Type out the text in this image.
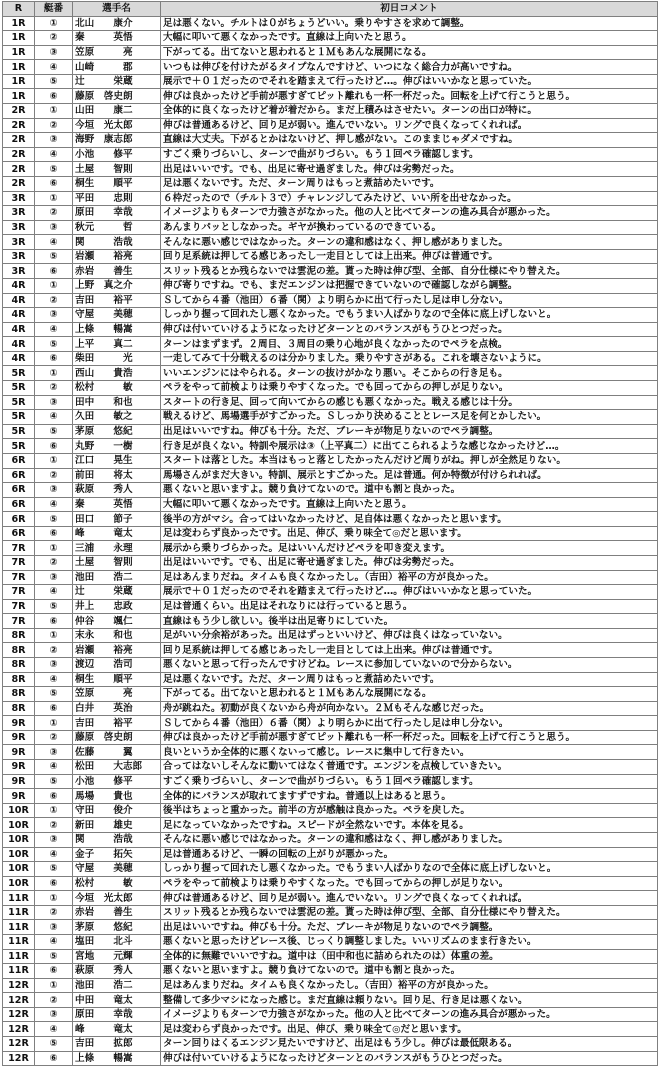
R	艇番	選手名	初日コメント
1R	①	北山　　康介	足は悪くない。チルトは０がちょうどいい。乗りやすさを求めて調整。
1R	②	秦　　　英悟	大幅に叩いて悪くなかったです。直線は上向いたと思う。
1R	③	笠原　　　亮	下がってる。出てないと思われると１Ｍもあんな展開になる。
1R	④	山崎　　　郡	いつもは伸びを付けたがるタイプなんですけど、いつになく総合力が高いですね。
1R	⑤	辻　　　栄蔵	展示で＋０１だったのでそれを踏まえて行ったけど…。伸びはいいかなと思っていた。
1R	⑥	藤原　啓史朗	伸びは良かったけど手前が悪すぎてピット離れも一杯一杯だった。回転を上げて行こうと思う。
2R	①	山田　　康二	全体的に良くなったけど着が着だから。まだ上積みはさせたい。ターンの出口が特に。
2R	②	今垣　光太郎	伸びは普通あるけど、回り足が弱い。進んでいない。リングで良くなってくれれば。
2R	③	海野　康志郎	直線は大丈夫。下がるとかはないけど、押し感がない。このままじゃダメですね。
2R	④	小池　　修平	すごく乗りづらいし、ターンで曲がりづらい。もう１回ペラ確認します。
2R	⑤	土屋　　智則	出足はいいです。でも、出足に寄せ過ぎました。伸びは劣勢だった。
2R	⑥	桐生　　順平	足は悪くないです。ただ、ターン周りはもっと煮詰めたいです。
3R	①	平田　　忠則	６枠だったので（チルト３で）チャレンジしてみたけど、いい所を出せなかった。
3R	②	原田　　幸哉	イメージよりもターンで力強さがなかった。他の人と比べてターンの進み具合が悪かった。
3R	③	秋元　　　哲	あんまりパッとしなかった。ギヤが換わっているのできている。
3R	④	関　　　浩哉	そんなに悪い感じではなかった。ターンの違和感はなく、押し感がありました。
3R	⑤	岩瀬　　裕亮	回り足系統は押してる感じあったし一走目としては上出来。伸びは普通です。
3R	⑥	赤岩　　善生	スリット残るとか残らないでは雲泥の差。貰った時は伸び型、全部、自分仕様にやり替えた。
4R	①	上野　真之介	伸び寄りですね。でも、まだエンジンは把握できていないので確認しながら調整。
4R	②	吉田　　裕平	Ｓしてから４番（池田）６番（関）より明らかに出て行ったし足は申し分ない。
4R	③	守屋　　美穂	しっかり握って回れたし悪くなかった。でもうまい人ばかりなので全体に底上げしないと。
4R	④	上條　　暢嵩	伸びは付いていけるようになったけどターンとのバランスがもうひとつだった。
4R	⑤	上平　　真二	ターンはまずまず。２周目、３周目の乗り心地が良くなかったのでペラを点検。
4R	⑥	柴田　　　光	一走してみて十分戦えるのは分かりました。乗りやすさがある。これを壊さないように。
5R	①	西山　　貴浩	いいエンジンにはやられる。ターンの抜けがかなり悪い。そこからの行き足も。
5R	②	松村　　　敏	ペラをやって前検よりは乗りやすくなった。でも回ってからの押しが足りない。
5R	③	田中　　和也	スタートの行き足、回って向いてからの感じも悪くなかった。戦える感じは十分。
5R	④	久田　　敏之	戦えるけど、馬場選手がすごかった。Ｓしっかり決めることとレース足を何とかしたい。
5R	⑤	茅原　　悠紀	出足はいいですね。伸びも十分。ただ、ブレーキが物足りないのでペラ調整。
5R	⑥	丸野　　一樹	行き足が良くない。特訓や展示は③（上平真二）に出てこられるような感じなかったけど…。
6R	①	江口　　晃生	スタートは落とした。本当はもっと落としたかったんだけど周りがね。押しが全然足りない。
6R	②	前田　　将太	馬場さんがまだ大きい。特訓、展示とすごかった。足は普通。何か特徴が付けられれば。
6R	③	萩原　　秀人	悪くないと思いますよ。競り負けてないので。道中も割と良かった。
6R	④	秦　　　英悟	大幅に叩いて悪くなかったです。直線は上向いたと思う。
6R	⑤	田口　　節子	後半の方がマシ。合ってはいなかったけど、足自体は悪くなかったと思います。
6R	⑥	峰　　　竜太	足は変わらず良かったです。出足、伸び、乗り味全て◎だと思います。
7R	①	三浦　　永理	展示から乗りづらかった。足はいいんだけどペラを叩き変えます。
7R	②	土屋　　智則	出足はいいです。でも、出足に寄せ過ぎました。伸びは劣勢だった。
7R	③	池田　　浩二	足はあんまりだね。タイムも良くなかったし。（吉田）裕平の方が良かった。
7R	④	辻　　　栄蔵	展示で＋０１だったのでそれを踏まえて行ったけど…。伸びはいいかなと思っていた。
7R	⑤	井上　　忠政	足は普通くらい。出足はそれなりには行っていると思う。
7R	⑥	仲谷　　颯仁	直線はもう少し欲しい。後半は出足寄りにしていた。
8R	①	末永　　和也	足がいい分余裕があった。出足はずっといいけど、伸びは良くはなっていない。
8R	②	岩瀬　　裕亮	回り足系統は押してる感じあったし一走目としては上出来。伸びは普通です。
8R	③	渡辺　　浩司	悪くないと思って行ったんですけどね。レースに参加していないので分からない。
8R	④	桐生　　順平	足は悪くないです。ただ、ターン周りはもっと煮詰めたいです。
8R	⑤	笠原　　　亮	下がってる。出てないと思われると１Ｍもあんな展開になる。
8R	⑥	白井　　英治	舟が跳ねた。初動が良くないから舟が向かない。２Ｍもそんな感じだった。
9R	①	吉田　　裕平	Ｓしてから４番（池田）６番（関）より明らかに出て行ったし足は申し分ない。
9R	②	藤原　啓史朗	伸びは良かったけど手前が悪すぎてピット離れも一杯一杯だった。回転を上げて行こうと思う。
9R	③	佐藤　　　翼	良いというか全体的に悪くないって感じ。レースに集中して行きたい。
9R	④	松田　　大志郎	合ってはないしそんなに動いてはなく普通です。エンジンを点検していきたい。
9R	⑤	小池　　修平	すごく乗りづらいし、ターンで曲がりづらい。もう１回ペラ確認します。
9R	⑥	馬場　　貴也	全体的にバランスが取れてますずですね。普通以上はあると思う。
10R	①	守田　　俊介	後半はちょっと重かった。前半の方が感触は良かった。ペラを戻した。
10R	②	新田　　雄史	足になっていなかったですね。スピードが全然ないです。本体を見る。
10R	③	関　　　浩哉	そんなに悪い感じではなかった。ターンの違和感はなく、押し感がありました。
10R	④	金子　　拓矢	足は普通あるけど、一瞬の回転の上がりが悪かった。
10R	⑤	守屋　　美穂	しっかり握って回れたし悪くなかった。でもうまい人ばかりなので全体に底上げしないと。
10R	⑥	松村　　　敏	ペラをやって前検よりは乗りやすくなった。でも回ってからの押しが足りない。
11R	①	今垣　光太郎	伸びは普通あるけど、回り足が弱い。進んでいない。リングで良くなってくれれば。
11R	②	赤岩　　善生	スリット残るとか残らないでは雲泥の差。貰った時は伸び型、全部、自分仕様にやり替えた。
11R	③	茅原　　悠紀	出足はいいですね。伸びも十分。ただ、ブレーキが物足りないのでペラ調整。
11R	④	塩田　　北斗	悪くないと思ったけどレース後、じっくり調整しました。いいリズムのまま行きたい。
11R	⑤	宮地　　元輝	全体的に無難でいいですね。道中は（田中和也に詰められたのは）体重の差。
11R	⑥	萩原　　秀人	悪くないと思いますよ。競り負けてないので。道中も割と良かった。
12R	①	池田　　浩二	足はあんまりだね。タイムも良くなかったし。（吉田）裕平の方が良かった。
12R	②	中田　　竜太	整備して多少マシになった感じ。まだ直線は頼りない。回り足、行き足は悪くない。
12R	③	原田　　幸哉	イメージよりもターンで力強さがなかった。他の人と比べてターンの進み具合が悪かった。
12R	④	峰　　　竜太	足は変わらず良かったです。出足、伸び、乗り味全て◎だと思います。
12R	⑤	吉田　　拡郎	ターン回りはくるエンジン見たいですけど、出足はもう少し。伸びは最低限ある。
12R	⑥	上條　　暢嵩	伸びは付いていけるようになったけどターンとのバランスがもうひとつだった。
